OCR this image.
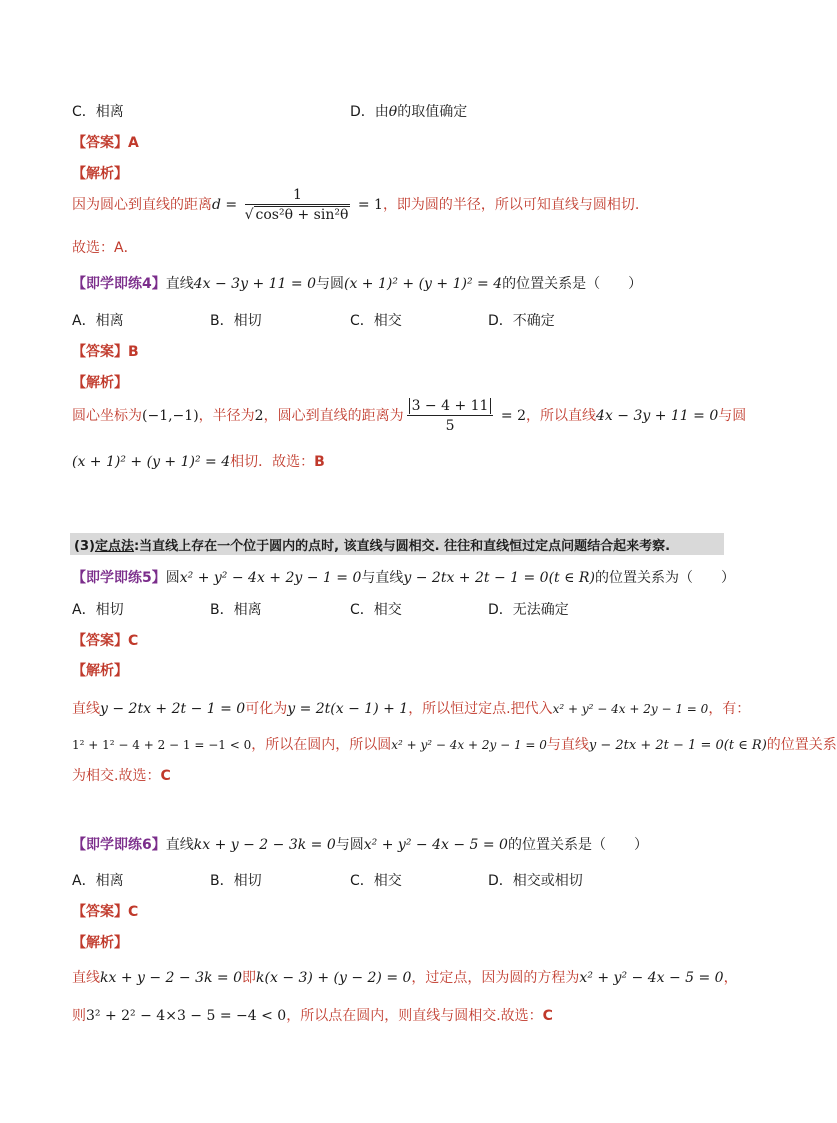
C．相离	D．由θ的取值确定
【答案】A
【解析】
因为圆心到直线的距离$d = \frac{1}{\text{√ cos²θ + sin²θ}} = 1$，即为圆的半径，所以可知直线与圆相切.
故选：A．
【即学即练4】直线4x − 3y + 11 = 0与圆(x + 1)² + (y + 1)² = 4的位置关系是（　　）
A．相离	B．相切	C．相交	D．不确定
【答案】B
【解析】
圆心坐标为(−1,−1)，半径为2，圆心到直线的距离为 $\frac{3 - 4 + 11}{5} = 2$，所以直线4x − 3y + 11 = 0与圆
(x + 1)² + (y + 1)² = 4相切．故选：B
(3)定点法:当直线上存在一个位于圆内的点时, 该直线与圆相交. 往往和直线恒过定点问题结合起来考察.
【即学即练5】圆x² + y² − 4x + 2y − 1 = 0与直线y − 2tx + 2t − 1 = 0(t ∈ R)的位置关系为（　　）
A．相切	B．相离	C．相交	D．无法确定
【答案】C
【解析】
直线y − 2tx + 2t − 1 = 0可化为y = 2t(x − 1) + 1，所以恒过定点.把代入x² + y² − 4x + 2y − 1 = 0，有：
1² + 1² − 4 + 2 − 1 = −1 < 0，所以在圆内，所以圆x² + y² − 4x + 2y − 1 = 0与直线y − 2tx + 2t − 1 = 0(t ∈ R)的位置关系
为相交.故选：C
【即学即练6】直线kx + y − 2 − 3k = 0与圆x² + y² − 4x − 5 = 0的位置关系是（　　）
A．相离	B．相切	C．相交	D．相交或相切
【答案】C
【解析】
直线kx + y − 2 − 3k = 0即k(x − 3) + (y − 2) = 0，过定点，因为圆的方程为x² + y² − 4x − 5 = 0，
则3² + 2² − 4×3 − 5 = −4 < 0，所以点在圆内，则直线与圆相交.故选：C
